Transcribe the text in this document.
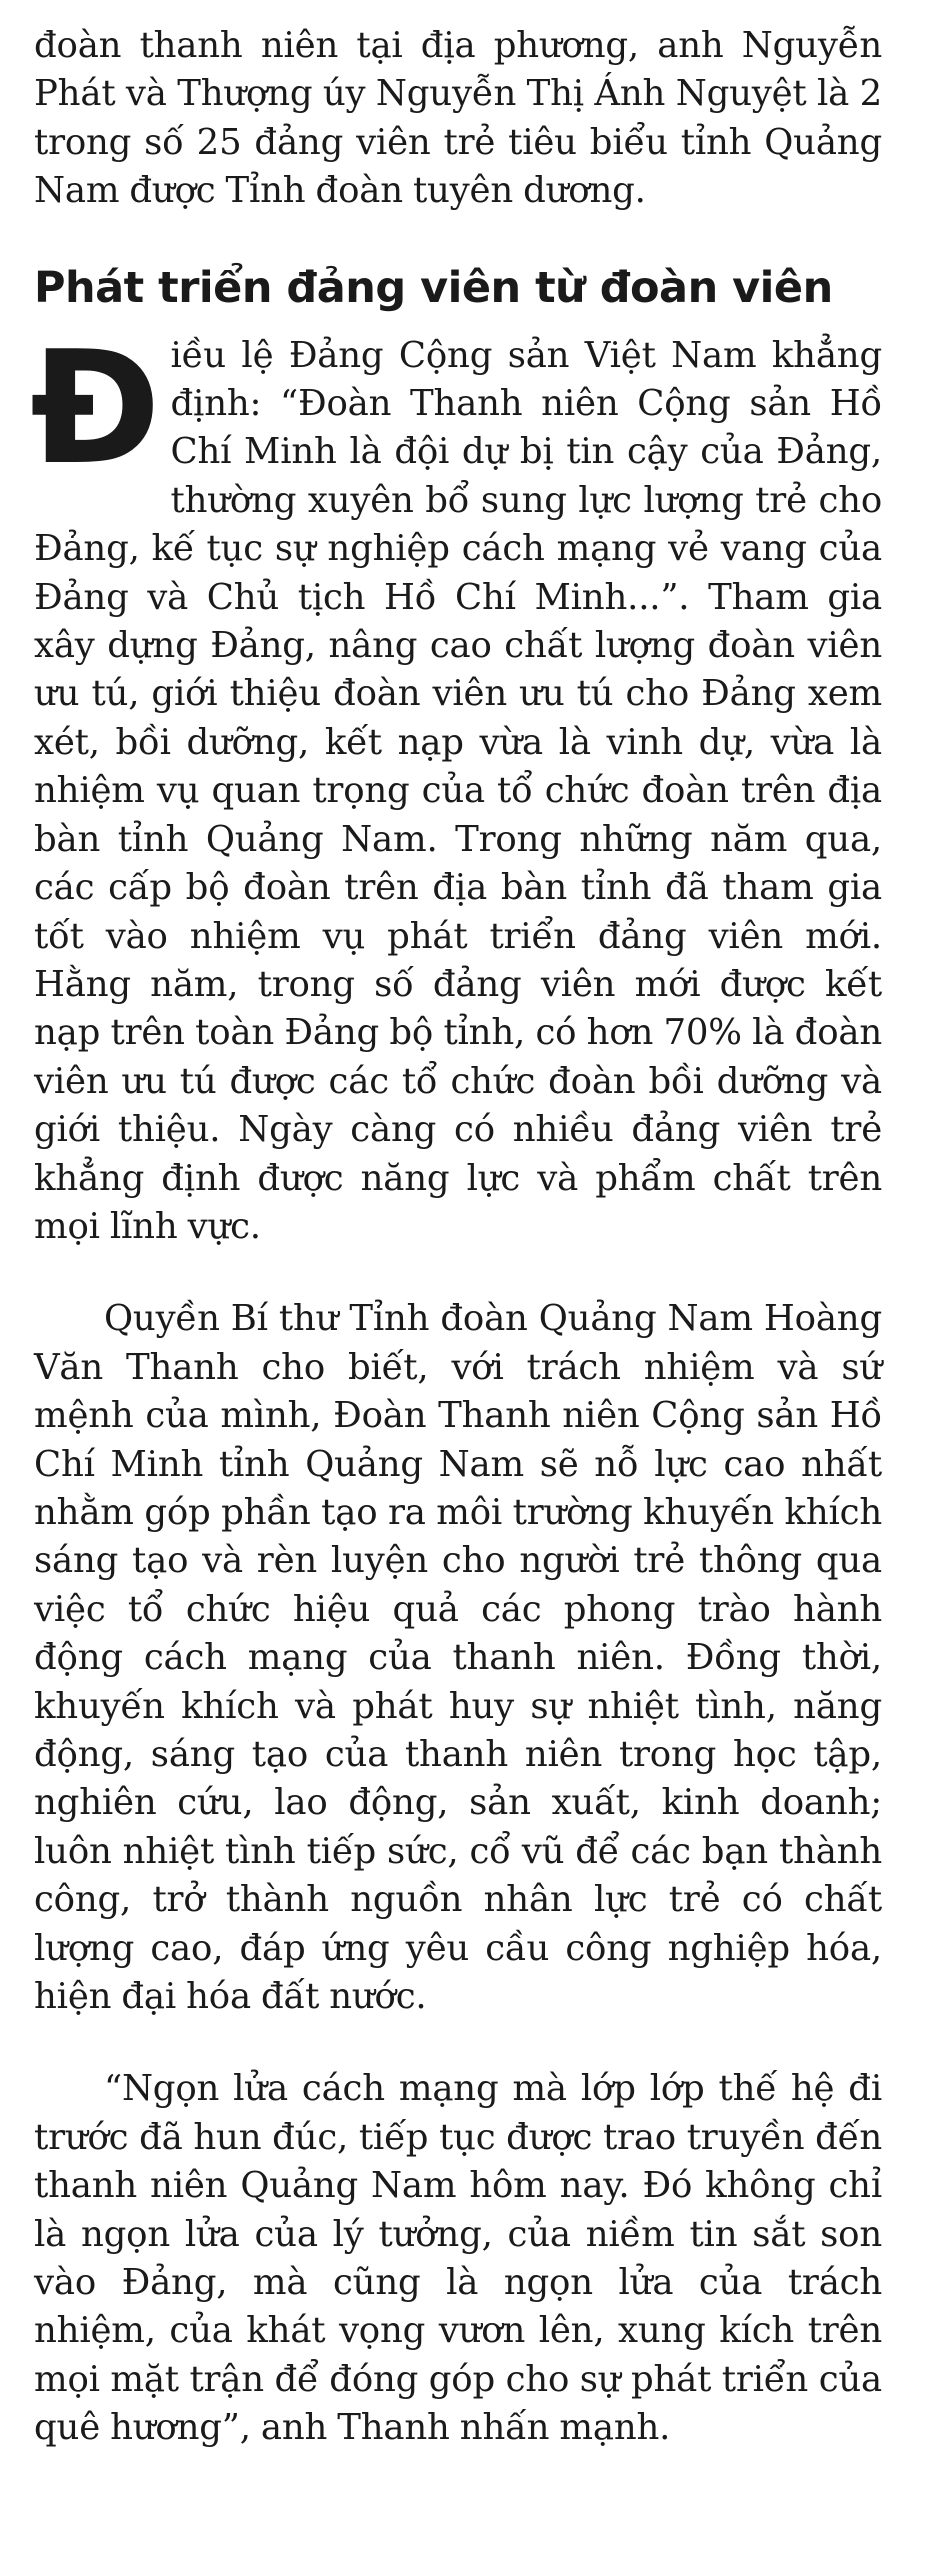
đoàn thanh niên tại địa phương, anh Nguyễn Phát và Thượng úy Nguyễn Thị Ánh Nguyệt là 2 trong số 25 đảng viên trẻ tiêu biểu tỉnh Quảng Nam được Tỉnh đoàn tuyên dương.

Phát triển đảng viên từ đoàn viên

Điều lệ Đảng Cộng sản Việt Nam khẳng định: “Đoàn Thanh niên Cộng sản Hồ Chí Minh là đội dự bị tin cậy của Đảng, thường xuyên bổ sung lực lượng trẻ cho Đảng, kế tục sự nghiệp cách mạng vẻ vang của Đảng và Chủ tịch Hồ Chí Minh...”. Tham gia xây dựng Đảng, nâng cao chất lượng đoàn viên ưu tú, giới thiệu đoàn viên ưu tú cho Đảng xem xét, bồi dưỡng, kết nạp vừa là vinh dự, vừa là nhiệm vụ quan trọng của tổ chức đoàn trên địa bàn tỉnh Quảng Nam. Trong những năm qua, các cấp bộ đoàn trên địa bàn tỉnh đã tham gia tốt vào nhiệm vụ phát triển đảng viên mới. Hằng năm, trong số đảng viên mới được kết nạp trên toàn Đảng bộ tỉnh, có hơn 70% là đoàn viên ưu tú được các tổ chức đoàn bồi dưỡng và giới thiệu. Ngày càng có nhiều đảng viên trẻ khẳng định được năng lực và phẩm chất trên mọi lĩnh vực.

Quyền Bí thư Tỉnh đoàn Quảng Nam Hoàng Văn Thanh cho biết, với trách nhiệm và sứ mệnh của mình, Đoàn Thanh niên Cộng sản Hồ Chí Minh tỉnh Quảng Nam sẽ nỗ lực cao nhất nhằm góp phần tạo ra môi trường khuyến khích sáng tạo và rèn luyện cho người trẻ thông qua việc tổ chức hiệu quả các phong trào hành động cách mạng của thanh niên. Đồng thời, khuyến khích và phát huy sự nhiệt tình, năng động, sáng tạo của thanh niên trong học tập, nghiên cứu, lao động, sản xuất, kinh doanh; luôn nhiệt tình tiếp sức, cổ vũ để các bạn thành công, trở thành nguồn nhân lực trẻ có chất lượng cao, đáp ứng yêu cầu công nghiệp hóa, hiện đại hóa đất nước.

“Ngọn lửa cách mạng mà lớp lớp thế hệ đi trước đã hun đúc, tiếp tục được trao truyền đến thanh niên Quảng Nam hôm nay. Đó không chỉ là ngọn lửa của lý tưởng, của niềm tin sắt son vào Đảng, mà cũng là ngọn lửa của trách nhiệm, của khát vọng vươn lên, xung kích trên mọi mặt trận để đóng góp cho sự phát triển của quê hương”, anh Thanh nhấn mạnh.
